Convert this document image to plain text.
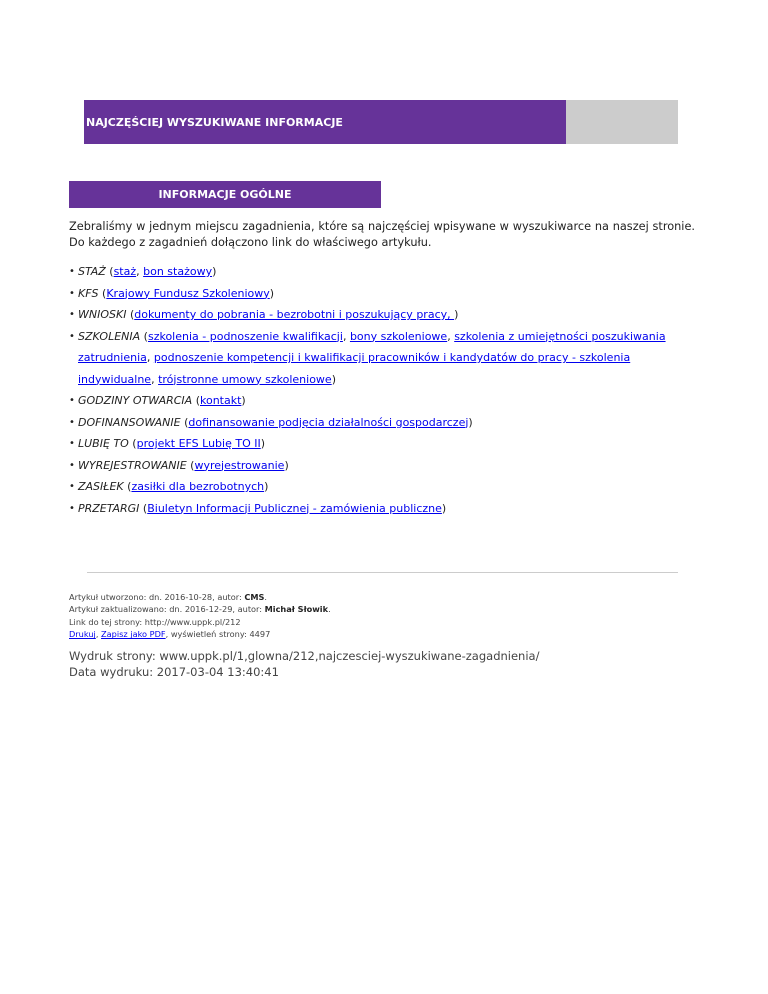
NAJCZĘŚCIEJ WYSZUKIWANE INFORMACJE
INFORMACJE OGÓLNE
Zebraliśmy w jednym miejscu zagadnienia, które są najczęściej wpisywane w wyszukiwarce na naszej stronie. Do każdego z zagadnień dołączono link do właściwego artykułu.
• STAŻ (staż, bon stażowy)
• KFS (Krajowy Fundusz Szkoleniowy)
• WNIOSKI (dokumenty do pobrania - bezrobotni i poszukujący pracy, )
• SZKOLENIA (szkolenia - podnoszenie kwalifikacji, bony szkoleniowe, szkolenia z umiejętności poszukiwania zatrudnienia, podnoszenie kompetencji i kwalifikacji pracowników i kandydatów do pracy - szkolenia indywidualne, trójstronne umowy szkoleniowe)
• GODZINY OTWARCIA (kontakt)
• DOFINANSOWANIE (dofinansowanie podjęcia działalności gospodarczej)
• LUBIĘ TO (projekt EFS Lubię TO II)
• WYREJESTROWANIE (wyrejestrowanie)
• ZASIŁEK (zasiłki dla bezrobotnych)
• PRZETARGI (Biuletyn Informacji Publicznej - zamówienia publiczne)
Artykuł utworzono: dn. 2016-10-28, autor: CMS.
Artykuł zaktualizowano: dn. 2016-12-29, autor: Michał Słowik.
Link do tej strony: http://www.uppk.pl/212
Drukuj, Zapisz jako PDF, wyświetleń strony: 4497
Wydruk strony: www.uppk.pl/1,glowna/212,najczesciej-wyszukiwane-zagadnienia/
Data wydruku: 2017-03-04 13:40:41
